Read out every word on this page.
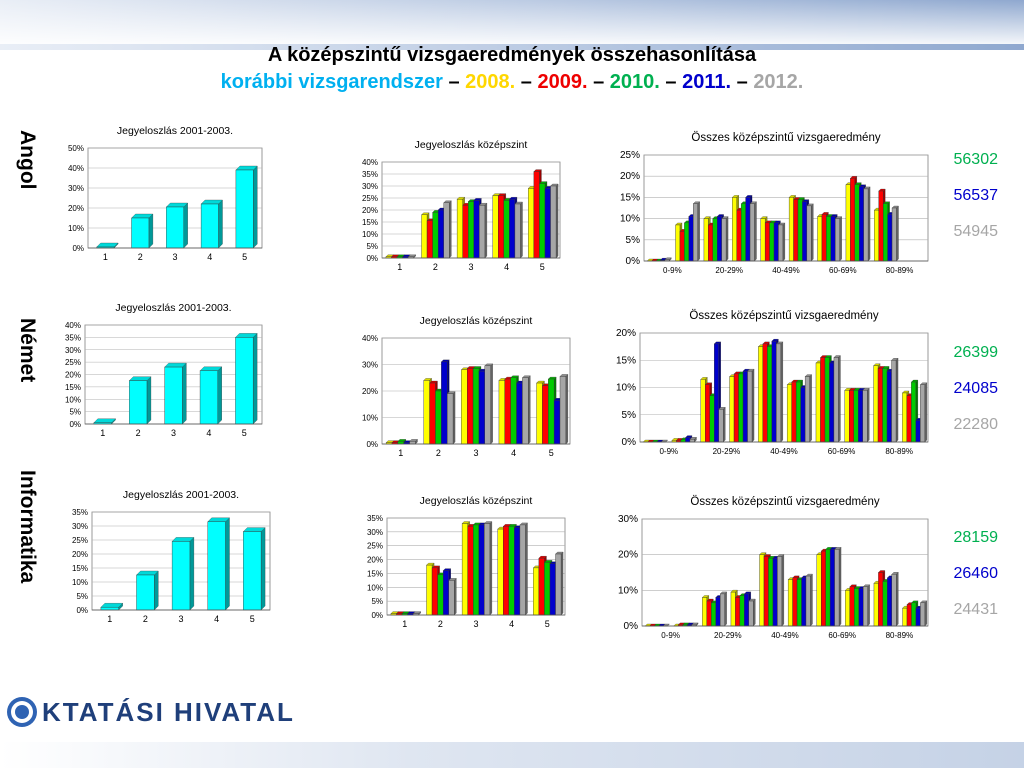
A középszintű vizsgaeredmények összehasonlítása
korábbi vizsgarendszer – 2008. – 2009. – 2010. – 2011. – 2012.
Angol
Német
Informatika
Jegyeloszlás 2001-2003.
0%
10%
20%
30%
40%
50%
1	2	3	4	5
Jegyeloszlás középszint
0%
5%
10%
15%
20%
25%
30%
35%
40%
1	2	3	4	5
Összes középszintű vizsgaeredmény
0%
5%
10%
15%
20%
25%
0-9%	20-29%	40-49%	60-69%	80-89%
Jegyeloszlás 2001-2003.
0%
5%
10%
15%
20%
25%
30%
35%
40%
1	2	3	4	5
Jegyeloszlás középszint
0%
10%
20%
30%
40%
1	2	3	4	5
Összes középszintű vizsgaeredmény
0%
5%
10%
15%
20%
0-9%	20-29%	40-49%	60-69%	80-89%
Jegyeloszlás 2001-2003.
0%
5%
10%
15%
20%
25%
30%
35%
1	2	3	4	5
Jegyeloszlás középszint
0%
5%
10%
15%
20%
25%
30%
35%
1	2	3	4	5
Összes középszintű vizsgaeredmény
0%
10%
20%
30%
0-9%	20-29%	40-49%	60-69%	80-89%
56302
56537
54945
26399
24085
22280
28159
26460
24431
KTATÁSI HIVATAL
